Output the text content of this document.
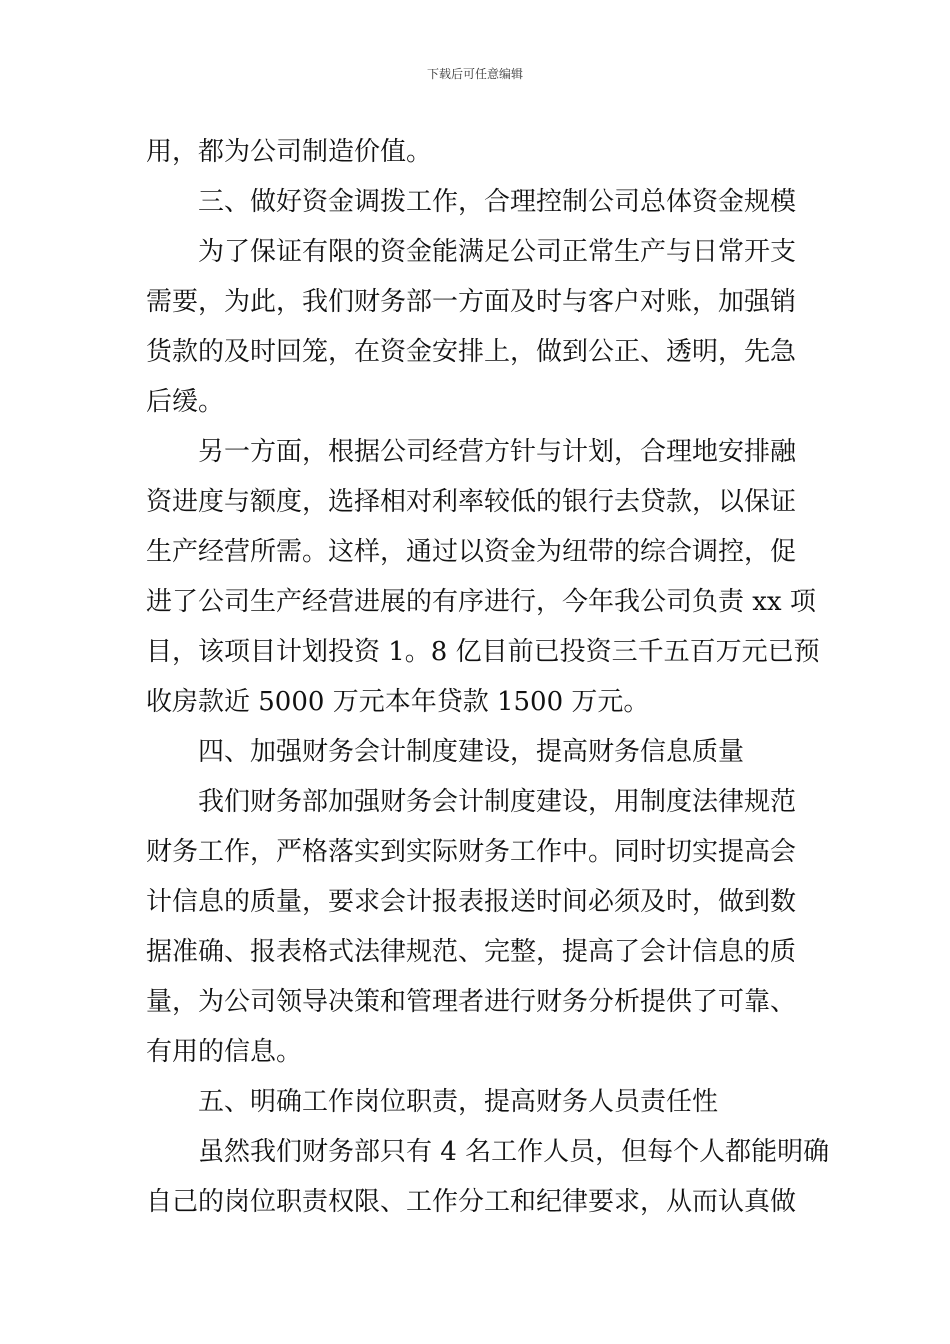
下载后可任意编辑
用，都为公司制造价值。
三、做好资金调拨工作，合理控制公司总体资金规模
为了保证有限的资金能满足公司正常生产与日常开支
需要，为此，我们财务部一方面及时与客户对账，加强销
货款的及时回笼，在资金安排上，做到公正、透明，先急
后缓。
另一方面，根据公司经营方针与计划，合理地安排融
资进度与额度，选择相对利率较低的银行去贷款，以保证
生产经营所需。这样，通过以资金为纽带的综合调控，促
进了公司生产经营进展的有序进行，今年我公司负责 xx 项
目，该项目计划投资 1。8 亿目前已投资三千五百万元已预
收房款近 5000 万元本年贷款 1500 万元。
四、加强财务会计制度建设，提高财务信息质量
我们财务部加强财务会计制度建设，用制度法律规范
财务工作，严格落实到实际财务工作中。同时切实提高会
计信息的质量，要求会计报表报送时间必须及时，做到数
据准确、报表格式法律规范、完整，提高了会计信息的质
量，为公司领导决策和管理者进行财务分析提供了可靠、
有用的信息。
五、明确工作岗位职责，提高财务人员责任性
虽然我们财务部只有 4 名工作人员，但每个人都能明确
自己的岗位职责权限、工作分工和纪律要求，从而认真做
